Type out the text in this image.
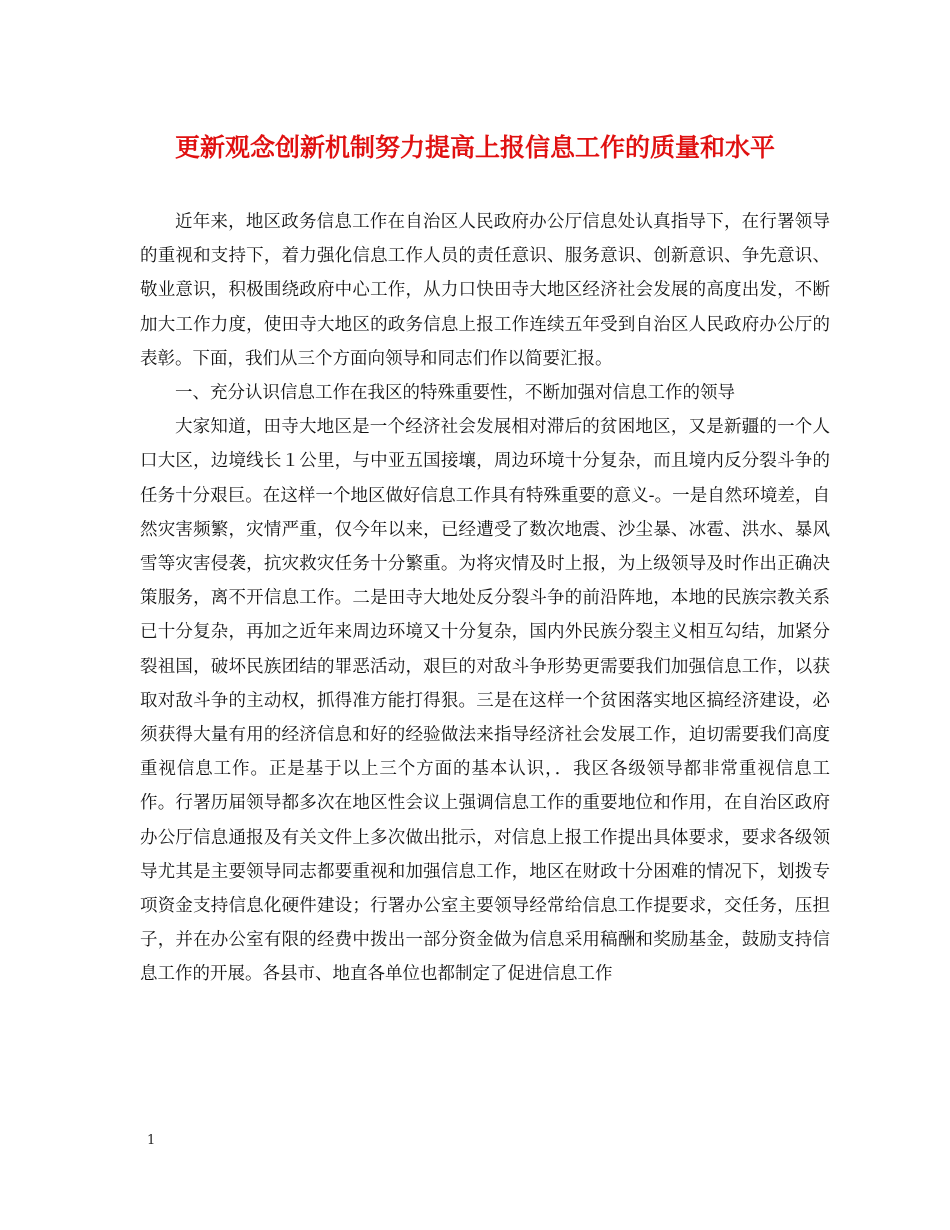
更新观念创新机制努力提高上报信息工作的质量和水平

近年来，地区政务信息工作在自治区人民政府办公厅信息处认真指导下，在行署领导的重视和支持下，着力强化信息工作人员的责任意识、服务意识、创新意识、争先意识、敬业意识，积极围绕政府中心工作，从力口快田寺大地区经济社会发展的高度出发，不断加大工作力度，使田寺大地区的政务信息上报工作连续五年受到自治区人民政府办公厅的表彰。下面，我们从三个方面向领导和同志们作以简要汇报。

一、充分认识信息工作在我区的特殊重要性，不断加强对信息工作的领导

大家知道，田寺大地区是一个经济社会发展相对滞后的贫困地区，又是新疆的一个人口大区，边境线长１公里，与中亚五国接壤，周边环境十分复杂，而且境内反分裂斗争的任务十分艰巨。在这样一个地区做好信息工作具有特殊重要的意义-。一是自然环境差，自然灾害频繁，灾情严重，仅今年以来，已经遭受了数次地震、沙尘暴、冰雹、洪水、暴风雪等灾害侵袭，抗灾救灾任务十分繁重。为将灾情及时上报，为上级领导及时作出正确决策服务，离不开信息工作。二是田寺大地处反分裂斗争的前沿阵地，本地的民族宗教关系已十分复杂，再加之近年来周边环境又十分复杂，国内外民族分裂主义相互勾结，加紧分裂祖国，破坏民族团结的罪恶活动，艰巨的对敌斗争形势更需要我们加强信息工作，以获取对敌斗争的主动权，抓得准方能打得狠。三是在这样一个贫困落实地区搞经济建设，必须获得大量有用的经济信息和好的经验做法来指导经济社会发展工作，迫切需要我们高度重视信息工作。正是基于以上三个方面的基本认识，．我区各级领导都非常重视信息工作。行署历届领导都多次在地区性会议上强调信息工作的重要地位和作用，在自治区政府办公厅信息通报及有关文件上多次做出批示，对信息上报工作提出具体要求，要求各级领导尤其是主要领导同志都要重视和加强信息工作，地区在财政十分困难的情况下，划拨专项资金支持信息化硬件建设；行署办公室主要领导经常给信息工作提要求，交任务，压担子，并在办公室有限的经费中拨出一部分资金做为信息采用稿酬和奖励基金，鼓励支持信息工作的开展。各县市、地直各单位也都制定了促进信息工作

1
